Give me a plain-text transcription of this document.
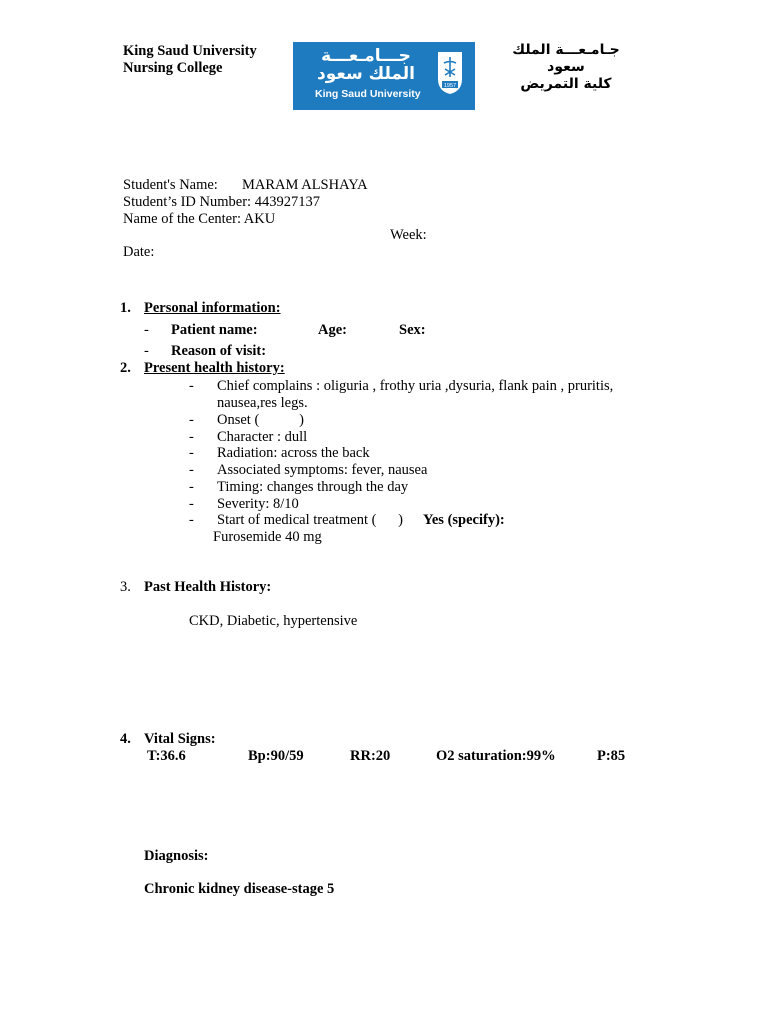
King Saud University
Nursing College
جـــامـعـــة الملك سعود
King Saud University
1957
جـامـعـــة الملك
سعود
كلية التمريض
Student's Name: MARAM ALSHAYA
Student’s ID Number: 443927137
Name of the Center: AKU
Week:
Date:
1. Personal information:
- Patient name:	Age:	Sex:
- Reason of visit:
2. Present health history:
- Chief complains : oliguria , frothy uria ,dysuria, flank pain , pruritis,
nausea,res legs.
- Onset (           )
- Character : dull
- Radiation: across the back
- Associated symptoms: fever, nausea
- Timing: changes through the day
- Severity: 8/10
- Start of medical treatment (      ) Yes (specify):
Furosemide 40 mg
3. Past Health History:
CKD, Diabetic, hypertensive
4. Vital Signs:
T:36.6	Bp:90/59	RR:20	O2 saturation:99%	P:85
Diagnosis:
Chronic kidney disease-stage 5
